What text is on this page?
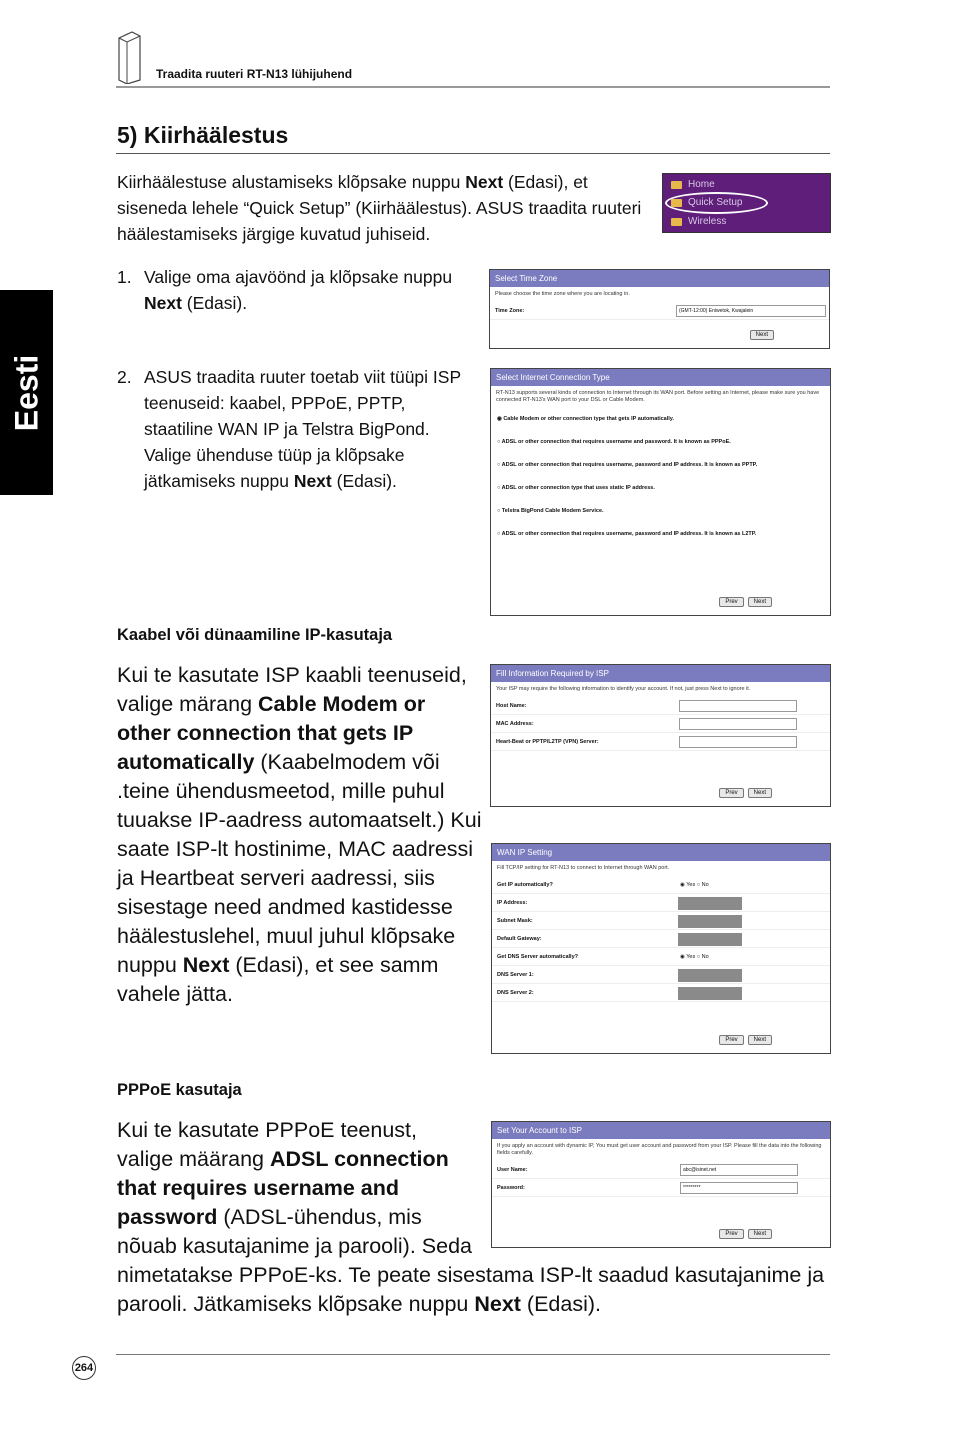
Traadita ruuteri RT-N13 lühijuhend
Eesti
5) Kiirhäälestus
Kiirhäälestuse alustamiseks klõpsake nuppu Next (Edasi), et siseneda lehele “Quick Setup” (Kiirhäälestus). ASUS traadita ruuteri häälestamiseks järgige kuvatud juhiseid.
Home
Quick Setup
Wireless
1. Valige oma ajavöönd ja klõpsake nuppu Next (Edasi).
Select Time Zone
Please choose the time zone where you are locating in.
Time Zone:	(GMT-12:00) Eniwetok, Kwajalein
Next
2. ASUS traadita ruuter toetab viit tüüpi ISP teenuseid: kaabel, PPPoE, PPTP, staatiline WAN IP ja Telstra BigPond. Valige ühenduse tüüp ja klõpsake jätkamiseks nuppu Next (Edasi).
Select Internet Connection Type
RT-N13 supports several kinds of connection to Internet through its WAN port. Before setting an Internet, please make sure you have connected RT-N13's WAN port to your DSL or Cable Modem.
◉ Cable Modem or other connection type that gets IP automatically.
○ ADSL or other connection that requires username and password. It is known as PPPoE.
○ ADSL or other connection that requires username, password and IP address. It is known as PPTP.
○ ADSL or other connection type that uses static IP address.
○ Telstra BigPond Cable Modem Service.
○ ADSL or other connection that requires username, password and IP address. It is known as L2TP.
Prev	Next
Kaabel või dünaamiline IP-kasutaja
Kui te kasutate ISP kaabli teenuseid, valige märang Cable Modem or other connection that gets IP automatically (Kaabelmodem või .teine ühendusmeetod, mille puhul tuuakse IP-aadress automaatselt.) Kui saate ISP-lt hostinime, MAC aadressi ja Heartbeat serveri aadressi, siis sisestage need andmed kastidesse häälestuslehel, muul juhul klõpsake nuppu Next (Edasi), et see samm vahele jätta.
Fill Information Required by ISP
Your ISP may require the following information to identify your account. If not, just press Next to ignore it.
Host Name:
MAC Address:
Heart-Beat or PPTP/L2TP (VPN) Server:
Prev	Next
WAN IP Setting
Fill TCP/IP setting for RT-N13 to connect to Internet through WAN port.
Get IP automatically?	◉ Yes ○ No
IP Address:
Subnet Mask:
Default Gateway:
Get DNS Server automatically?	◉ Yes ○ No
DNS Server 1:
DNS Server 2:
Prev	Next
PPPoE kasutaja
Set Your Account to ISP
If you apply an account with dynamic IP, You must get user account and password from your ISP. Please fill the data into the following fields carefully.
User Name:	abc@isinet.net
Password:	*********
Prev	Next
Kui te kasutate PPPoE teenust, valige määrang ADSL connection that requires username and password (ADSL-ühendus, mis nõuab kasutajanime ja parooli). Seda nimetatakse PPPoE-ks. Te peate sisestama ISP-lt saadud kasutajanime ja parooli. Jätkamiseks klõpsake nuppu Next (Edasi).
264
